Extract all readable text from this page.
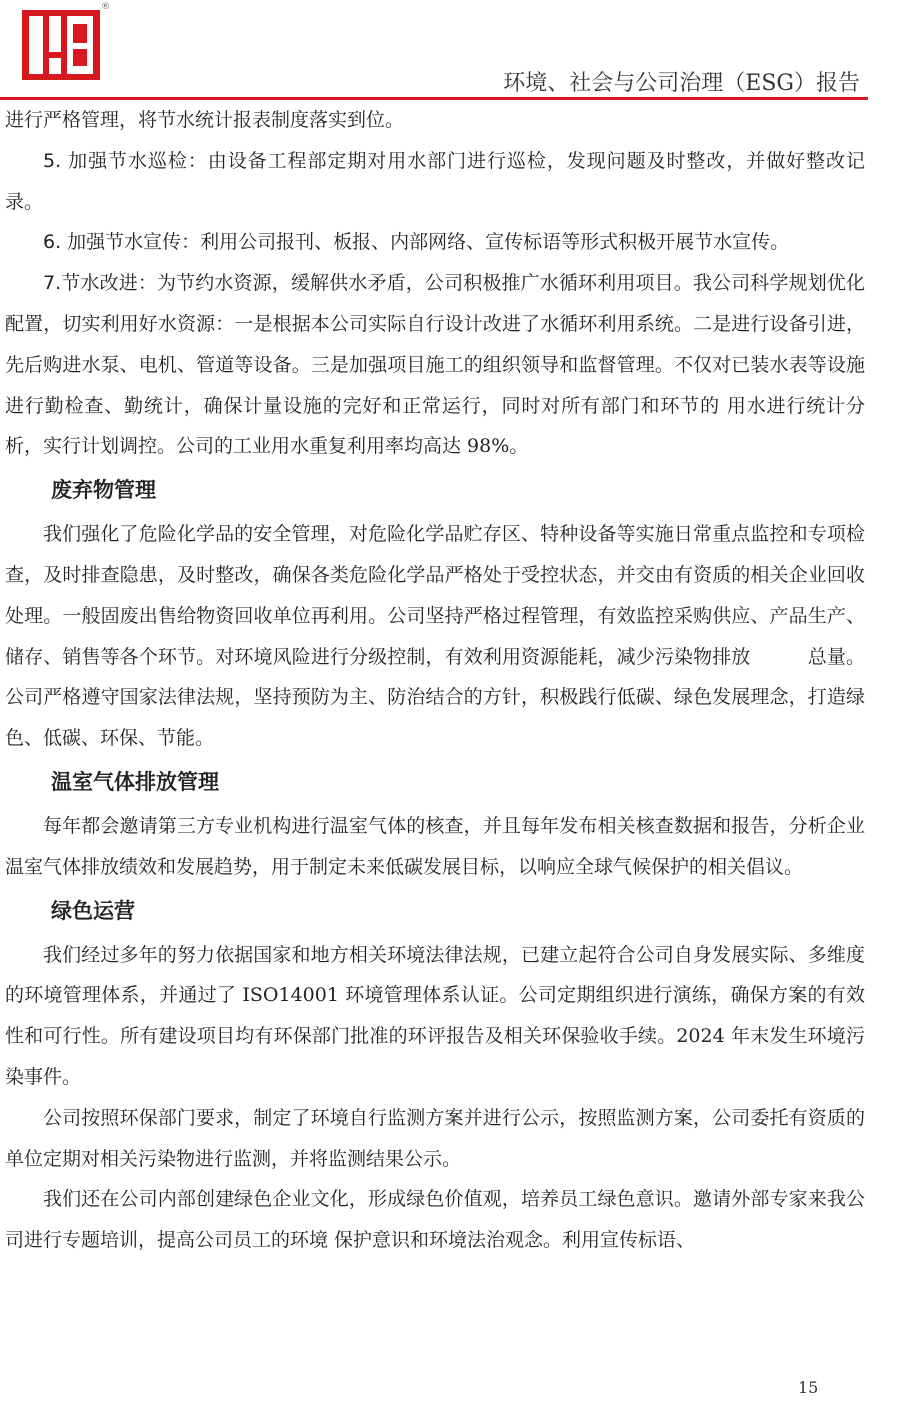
®
环境、社会与公司治理（ESG）报告

进行严格管理，将节水统计报表制度落实到位。

5. 加强节水巡检：由设备工程部定期对用水部门进行巡检，发现问题及时整改，并做好整改记录。

6. 加强节水宣传：利用公司报刊、板报、内部网络、宣传标语等形式积极开展节水宣传。

7.节水改进：为节约水资源，缓解供水矛盾，公司积极推广水循环利用项目。我公司科学规划优化配置，切实利用好水资源：一是根据本公司实际自行设计改进了水循环利用系统。二是进行设备引进，先后购进水泵、电机、管道等设备。三是加强项目施工的组织领导和监督管理。不仅对已装水表等设施进行勤检查、勤统计，确保计量设施的完好和正常运行，同时对所有部门和环节的 用水进行统计分析，实行计划调控。公司的工业用水重复利用率均高达 98%。

废弃物管理

我们强化了危险化学品的安全管理，对危险化学品贮存区、特种设备等实施日常重点监控和专项检查，及时排查隐患，及时整改，确保各类危险化学品严格处于受控状态，并交由有资质的相关企业回收处理。一般固废出售给物资回收单位再利用。公司坚持严格过程管理，有效监控采购供应、产品生产、储存、销售等各个环节。对环境风险进行分级控制，有效利用资源能耗，减少污染物排放　　　总量。公司严格遵守国家法律法规，坚持预防为主、防治结合的方针，积极践行低碳、绿色发展理念，打造绿色、低碳、环保、节能。

温室气体排放管理

每年都会邀请第三方专业机构进行温室气体的核查，并且每年发布相关核查数据和报告，分析企业温室气体排放绩效和发展趋势，用于制定未来低碳发展目标，以响应全球气候保护的相关倡议。

绿色运营

我们经过多年的努力依据国家和地方相关环境法律法规，已建立起符合公司自身发展实际、多维度的环境管理体系，并通过了 ISO14001 环境管理体系认证。公司定期组织进行演练，确保方案的有效性和可行性。所有建设项目均有环保部门批准的环评报告及相关环保验收手续。2024 年末发生环境污染事件。

公司按照环保部门要求，制定了环境自行监测方案并进行公示，按照监测方案，公司委托有资质的单位定期对相关污染物进行监测，并将监测结果公示。

我们还在公司内部创建绿色企业文化，形成绿色价值观，培养员工绿色意识。邀请外部专家来我公司进行专题培训，提高公司员工的环境 保护意识和环境法治观念。利用宣传标语、

15
